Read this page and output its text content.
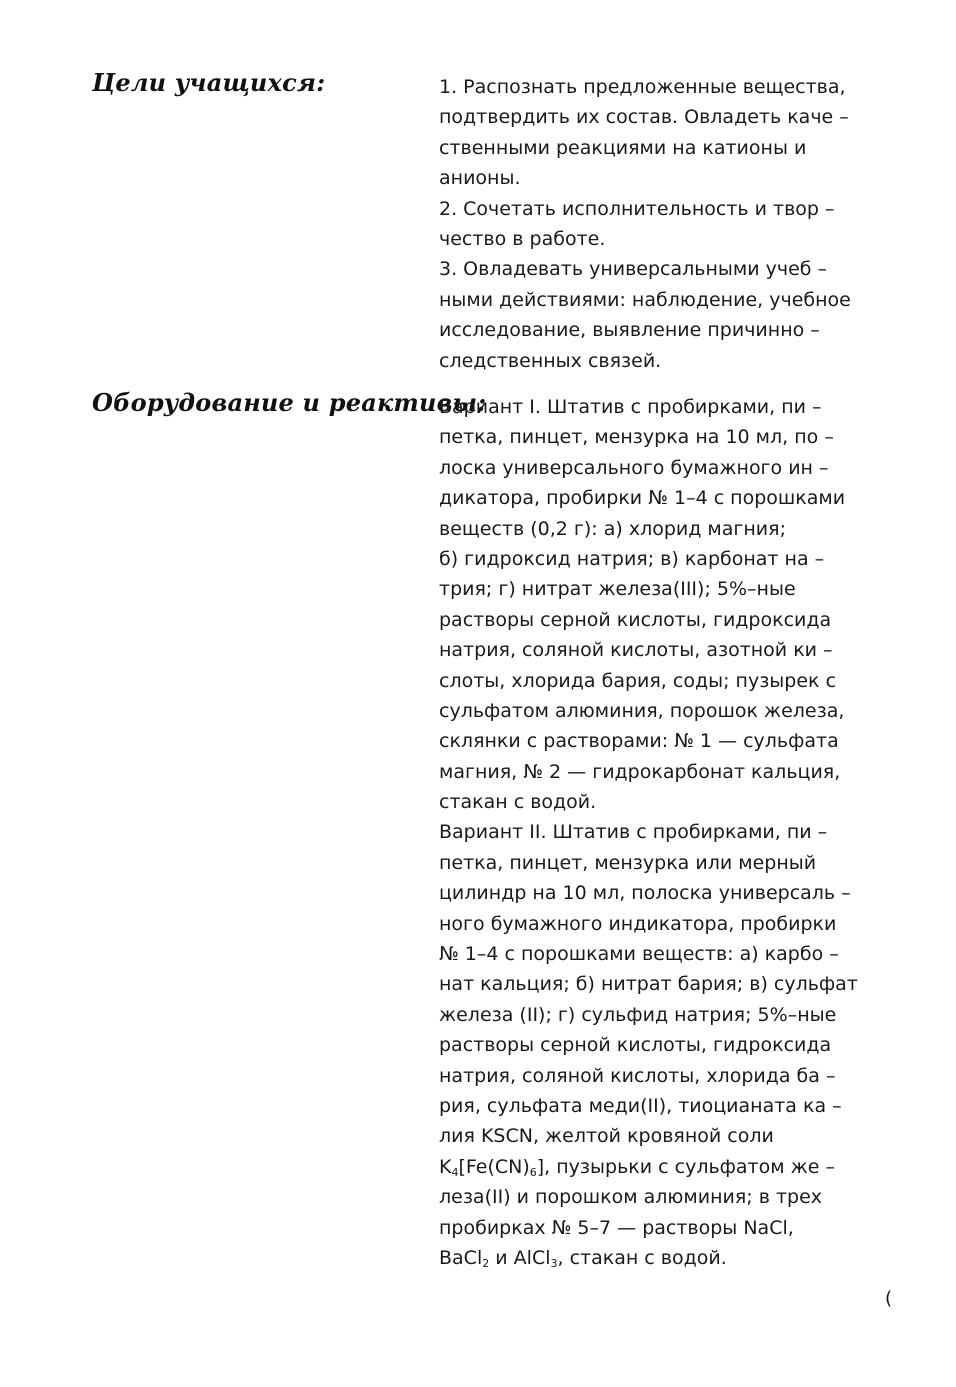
Цели учащихся:	1. Распознать предложенные вещества,
подтвердить их состав. Овладеть каче –
ственными реакциями на катионы и
анионы.
2. Сочетать исполнительность и твор –
чество в работе.
3. Овладевать универсальными учеб –
ными действиями: наблюдение, учебное
исследование, выявление причинно –
следственных связей.
Оборудование и реактивы:
Вариант I. Штатив с пробирками, пи –
петка, пинцет, мензурка на 10 мл, по –
лоска универсального бумажного ин –
дикатора, пробирки № 1–4 с порошками
веществ (0,2 г): а) хлорид магния;
б) гидроксид натрия; в) карбонат на –
трия; г) нитрат железа(III); 5%–ные
растворы серной кислоты, гидроксида
натрия, соляной кислоты, азотной ки –
слоты, хлорида бария, соды; пузырек с
сульфатом алюминия, порошок железа,
склянки с растворами: № 1 — сульфата
магния, № 2 — гидрокарбонат кальция,
стакан с водой.
Вариант II. Штатив с пробирками, пи –
петка, пинцет, мензурка или мерный
цилиндр на 10 мл, полоска универсаль –
ного бумажного индикатора, пробирки
№ 1–4 с порошками веществ: а) карбо –
нат кальция; б) нитрат бария; в) сульфат
железа (II); г) сульфид натрия; 5%–ные
растворы серной кислоты, гидроксида
натрия, соляной кислоты, хлорида ба –
рия, сульфата меди(II), тиоцианата ка –
лия KSCN, желтой кровяной соли
$K_4[Fe(CN)_6]$, пузырьки с сульфатом же –
леза(II) и порошком алюминия; в трех
пробирках № 5–7 — растворы NaCl,
BaCl$_2$ и AlCl$_3$, стакан с водой.
(
